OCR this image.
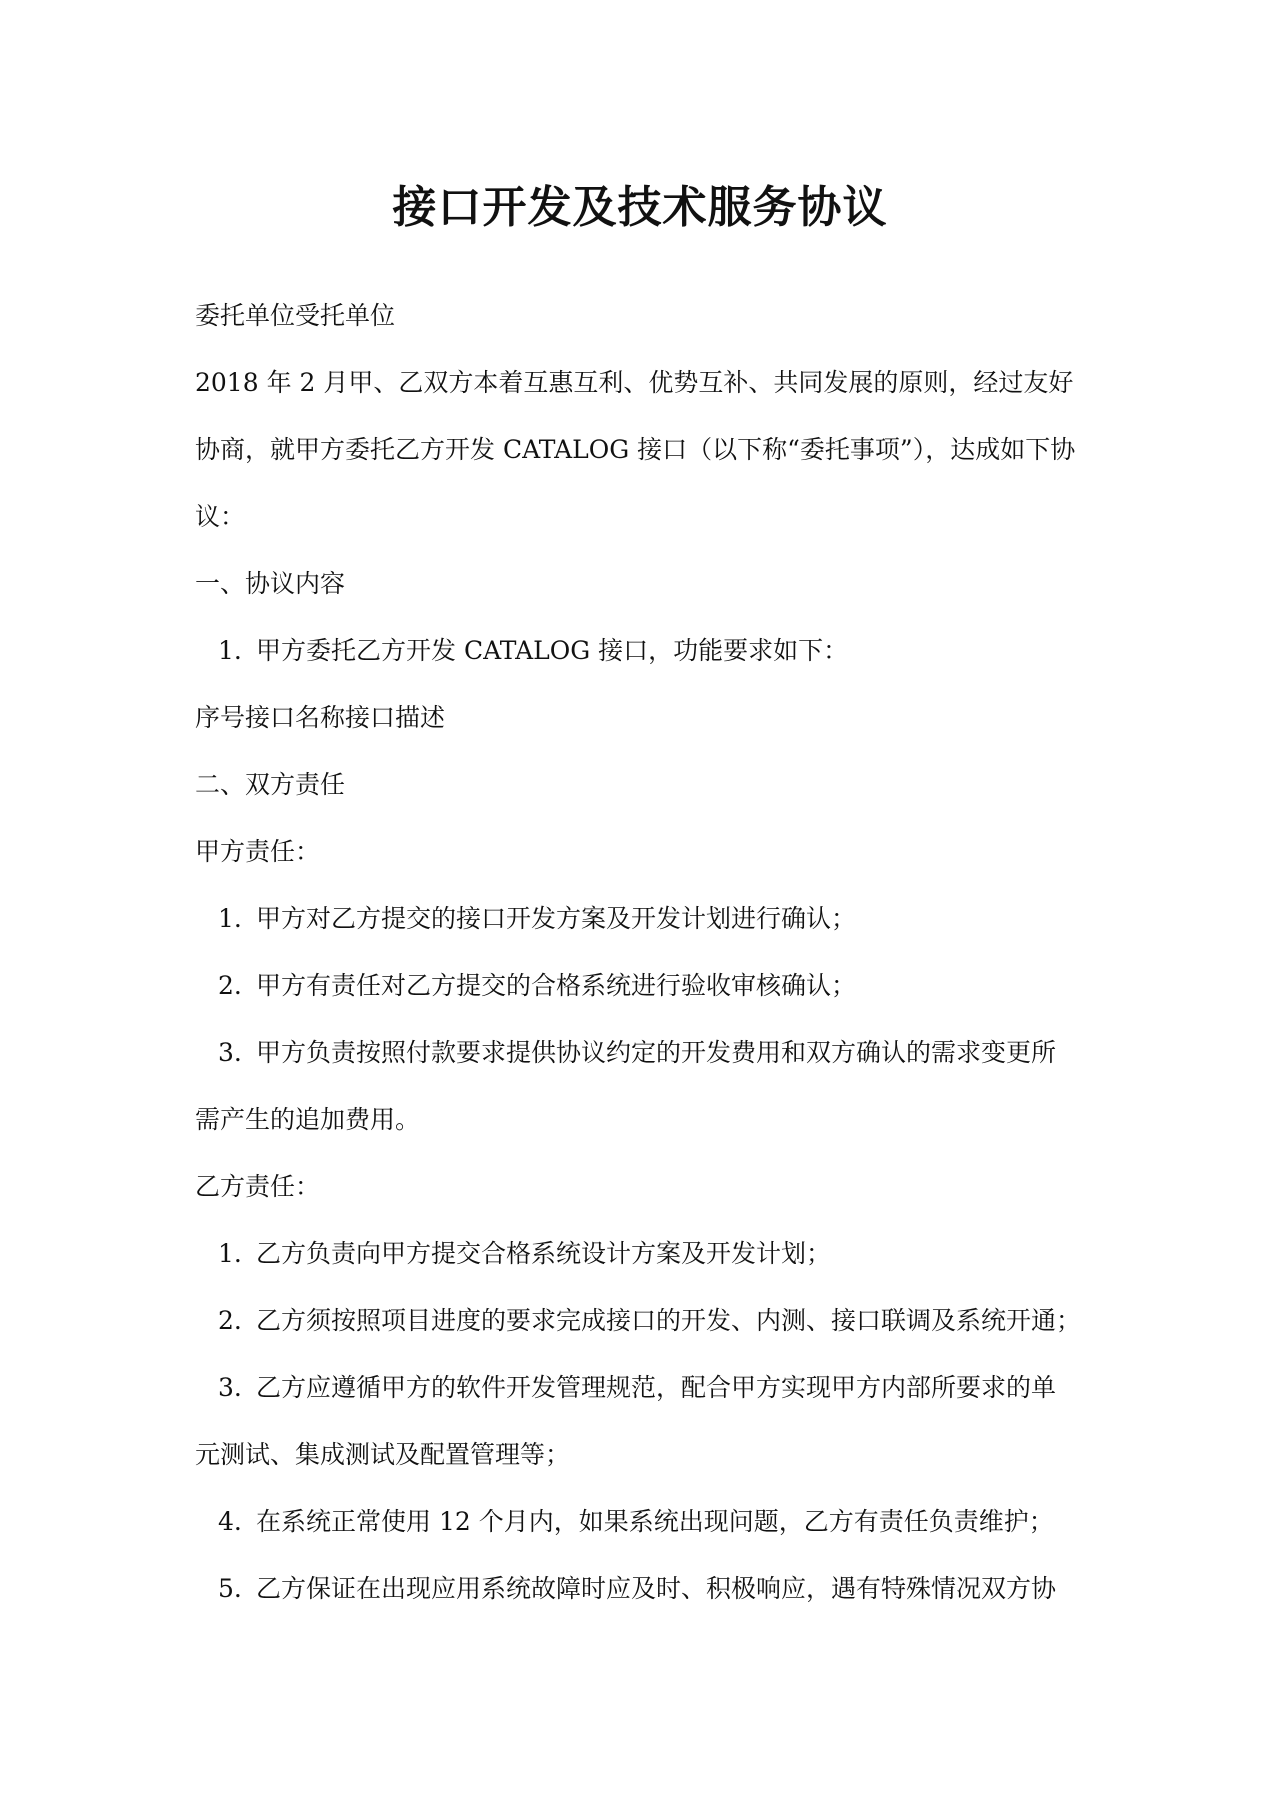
接口开发及技术服务协议
委托单位受托单位
2018 年 2 月甲、乙双方本着互惠互利、优势互补、共同发展的原则，经过友好
协商，就甲方委托乙方开发 CATALOG 接口（以下称“委托事项”），达成如下协
议：
一、协议内容
1. 甲方委托乙方开发 CATALOG 接口，功能要求如下：
序号接口名称接口描述
二、双方责任
甲方责任：
1. 甲方对乙方提交的接口开发方案及开发计划进行确认；
2. 甲方有责任对乙方提交的合格系统进行验收审核确认；
3. 甲方负责按照付款要求提供协议约定的开发费用和双方确认的需求变更所
需产生的追加费用。
乙方责任：
1. 乙方负责向甲方提交合格系统设计方案及开发计划；
2. 乙方须按照项目进度的要求完成接口的开发、内测、接口联调及系统开通；
3. 乙方应遵循甲方的软件开发管理规范，配合甲方实现甲方内部所要求的单
元测试、集成测试及配置管理等；
4. 在系统正常使用 12 个月内，如果系统出现问题，乙方有责任负责维护；
5. 乙方保证在出现应用系统故障时应及时、积极响应，遇有特殊情况双方协
